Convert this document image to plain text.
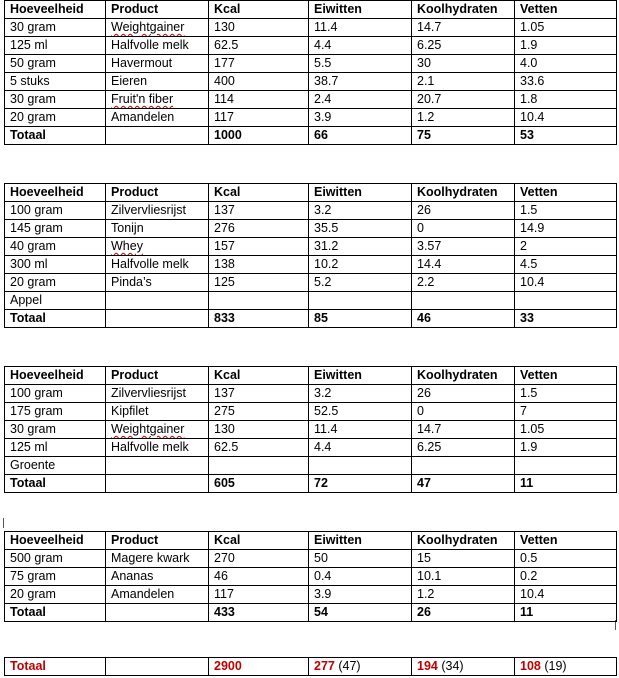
Hoeveelheid	Product	Kcal	Eiwitten	Koolhydraten	Vetten
30 gram	Weightgainer	130	11.4	14.7	1.05
125 ml	Halfvolle melk	62.5	4.4	6.25	1.9
50 gram	Havermout	177	5.5	30	4.0
5 stuks	Eieren	400	38.7	2.1	33.6
30 gram	Fruit'n fiber	114	2.4	20.7	1.8
20 gram	Amandelen	117	3.9	1.2	10.4
Totaal		1000	66	75	53
Hoeveelheid	Product	Kcal	Eiwitten	Koolhydraten	Vetten
100 gram	Zilvervliesrijst	137	3.2	26	1.5
145 gram	Tonijn	276	35.5	0	14.9
40 gram	Whey	157	31.2	3.57	2
300 ml	Halfvolle melk	138	10.2	14.4	4.5
20 gram	Pinda’s	125	5.2	2.2	10.4
Appel					
Totaal		833	85	46	33
Hoeveelheid	Product	Kcal	Eiwitten	Koolhydraten	Vetten
100 gram	Zilvervliesrijst	137	3.2	26	1.5
175 gram	Kipfilet	275	52.5	0	7
30 gram	Weightgainer	130	11.4	14.7	1.05
125 ml	Halfvolle melk	62.5	4.4	6.25	1.9
Groente					
Totaal		605	72	47	11
Hoeveelheid	Product	Kcal	Eiwitten	Koolhydraten	Vetten
500 gram	Magere kwark	270	50	15	0.5
75 gram	Ananas	46	0.4	10.1	0.2
20 gram	Amandelen	117	3.9	1.2	10.4
Totaal		433	54	26	11
Totaal		2900	277 (47)	194 (34)	108 (19)
